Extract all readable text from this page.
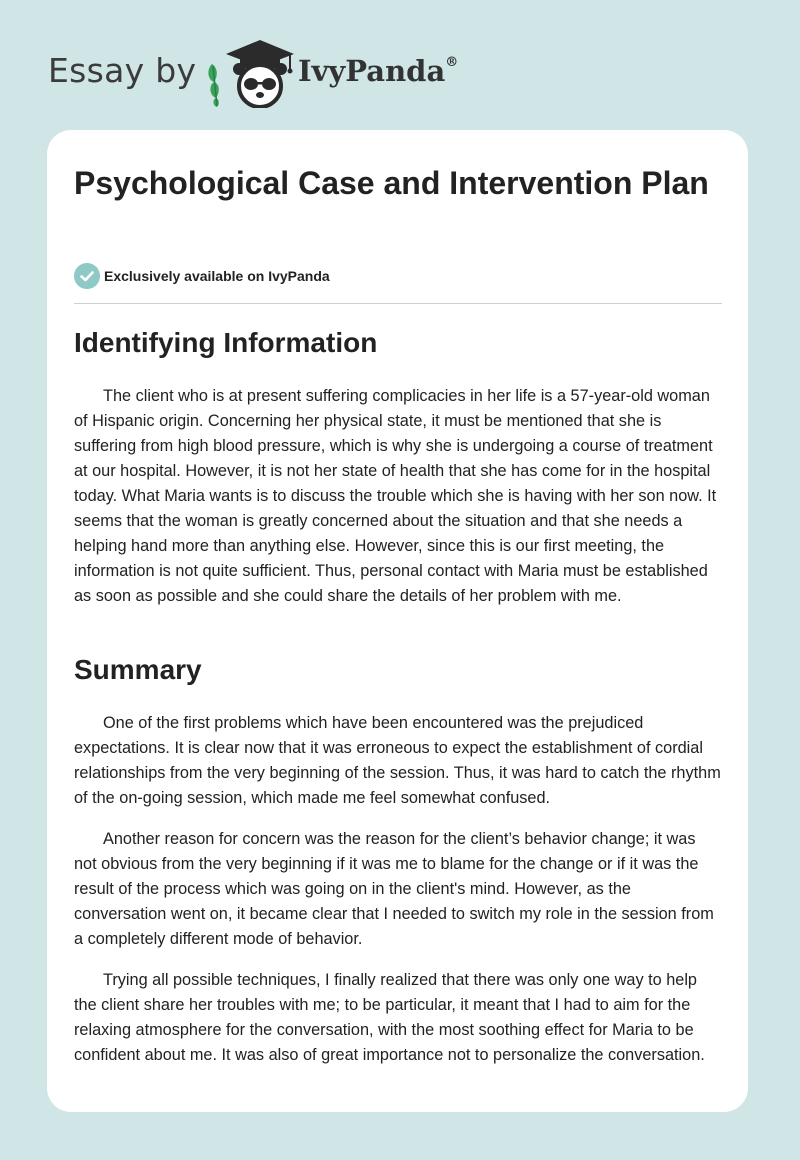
Essay by	IvyPanda®
Psychological Case and Intervention Plan
Exclusively available on IvyPanda
Identifying Information

The client who is at present suffering complicacies in her life is a 57-year-old woman of Hispanic origin. Concerning her physical state, it must be mentioned that she is suffering from high blood pressure, which is why she is undergoing a course of treatment at our hospital. However, it is not her state of health that she has come for in the hospital today. What Maria wants is to discuss the trouble which she is having with her son now. It seems that the woman is greatly concerned about the situation and that she needs a helping hand more than anything else. However, since this is our first meeting, the information is not quite sufficient. Thus, personal contact with Maria must be established as soon as possible and she could share the details of her problem with me.

Summary

One of the first problems which have been encountered was the prejudiced expectations. It is clear now that it was erroneous to expect the establishment of cordial relationships from the very beginning of the session. Thus, it was hard to catch the rhythm of the on-going session, which made me feel somewhat confused.

Another reason for concern was the reason for the client’s behavior change; it was not obvious from the very beginning if it was me to blame for the change or if it was the result of the process which was going on in the client's mind. However, as the conversation went on, it became clear that I needed to switch my role in the session from a completely different mode of behavior.

Trying all possible techniques, I finally realized that there was only one way to help the client share her troubles with me; to be particular, it meant that I had to aim for the relaxing atmosphere for the conversation, with the most soothing effect for Maria to be confident about me. It was also of great importance not to personalize the conversation.
